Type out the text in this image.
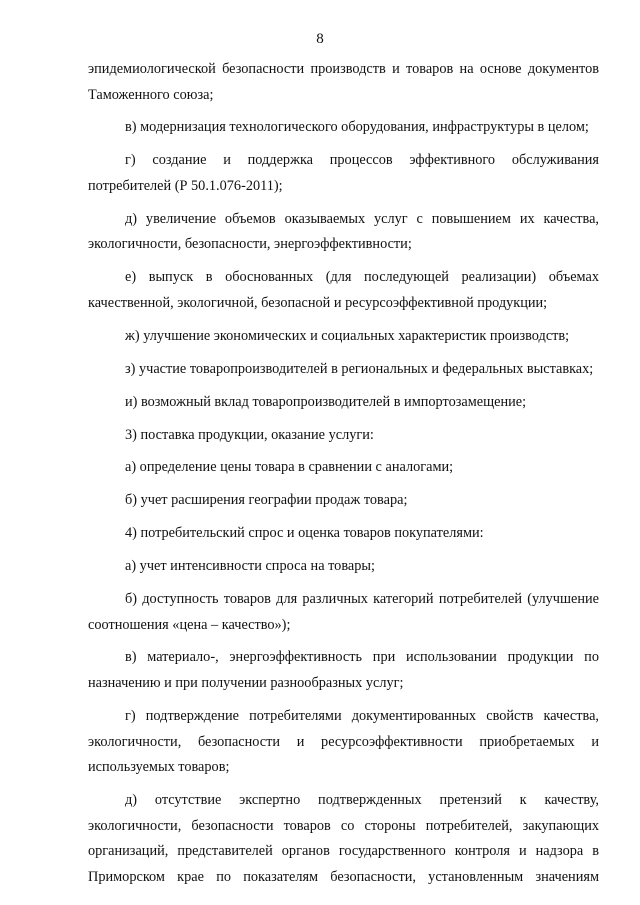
8

эпидемиологической безопасности производств и товаров на основе документов Таможенного союза;

в) модернизация технологического оборудования, инфраструктуры в целом;

г) создание и поддержка процессов эффективного обслуживания потребителей (Р 50.1.076-2011);

д) увеличение объемов оказываемых услуг с повышением их качества, экологичности, безопасности, энергоэффективности;

е) выпуск в обоснованных (для последующей реализации) объемах качественной, экологичной, безопасной и ресурсоэффективной продукции;

ж) улучшение экономических и социальных характеристик производств;

з) участие товаропроизводителей в региональных и федеральных выставках;

и) возможный вклад товаропроизводителей в импортозамещение;

3) поставка продукции, оказание услуги:

а) определение цены товара в сравнении с аналогами;

б) учет расширения географии продаж товара;

4) потребительский спрос и оценка товаров покупателями:

а) учет интенсивности спроса на товары;

б) доступность товаров для различных категорий потребителей (улучшение соотношения «цена – качество»);

в) материало-, энергоэффективность при использовании продукции по назначению и при получении разнообразных услуг;

г) подтверждение потребителями документированных свойств качества, экологичности, безопасности и ресурсоэффективности приобретаемых и используемых товаров;

д) отсутствие экспертно подтвержденных претензий к качеству, экологичности, безопасности товаров со стороны потребителей, закупающих организаций, представителей органов государственного контроля и надзора в Приморском крае по показателям безопасности, установленным значениям
